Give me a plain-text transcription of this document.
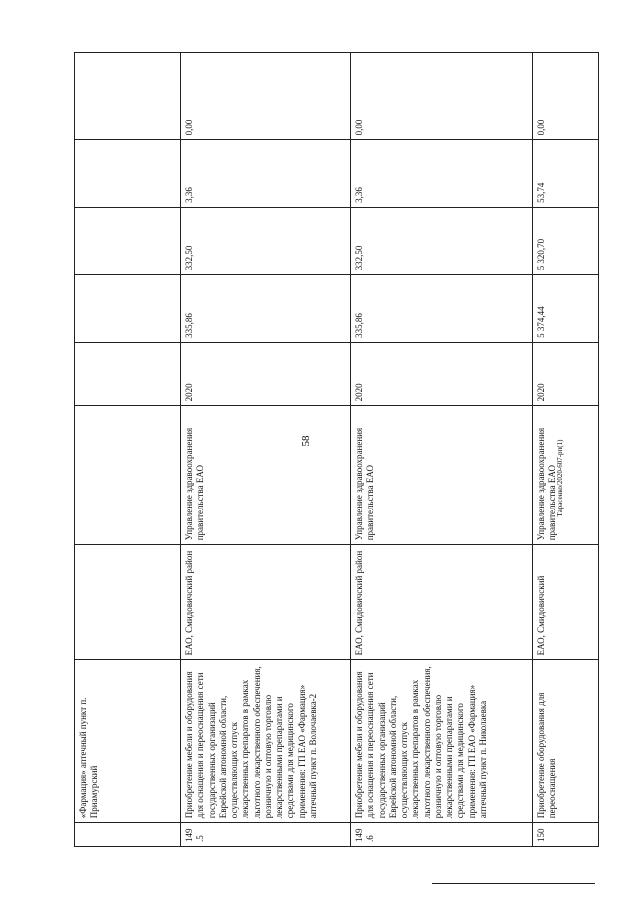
58
	«Фармация» аптечный пункт п. Приамурский							
149.5	Приобретение мебели и оборудования для оснащения и переоснащения сети государственных организаций Еврейской автономной области, осуществляющих отпуск лекарственных препаратов в рамках льготного лекарственного обеспечения, розничную и оптовую торговлю лекарственными препаратами и средствами для медицинского применения: ГП ЕАО «Фармация» аптечный пункт п. Волочаевка-2	ЕАО, Смидовичский район	Управление здравоохранения правительства ЕАО	2020	335,86	332,50	3,36	0,00
149.6	Приобретение мебели и оборудования для оснащения и переоснащения сети государственных организаций Еврейской автономной области, осуществляющих отпуск лекарственных препаратов в рамках льготного лекарственного обеспечения, розничную и оптовую торговлю лекарственными препаратами и средствами для медицинского применения: ГП ЕАО «Фармация» аптечный пункт п. Николаевка	ЕАО, Смидовичский район	Управление здравоохранения правительства ЕАО	2020	335,86	332,50	3,36	0,00
150	Приобретение оборудования для переоснащения	ЕАО, Смидовичский	Управление здравоохранения правительства ЕАО	2020	5 374,44	5 320,70	53,74	0,00
Тарасенко/2020-607-рп(1)
